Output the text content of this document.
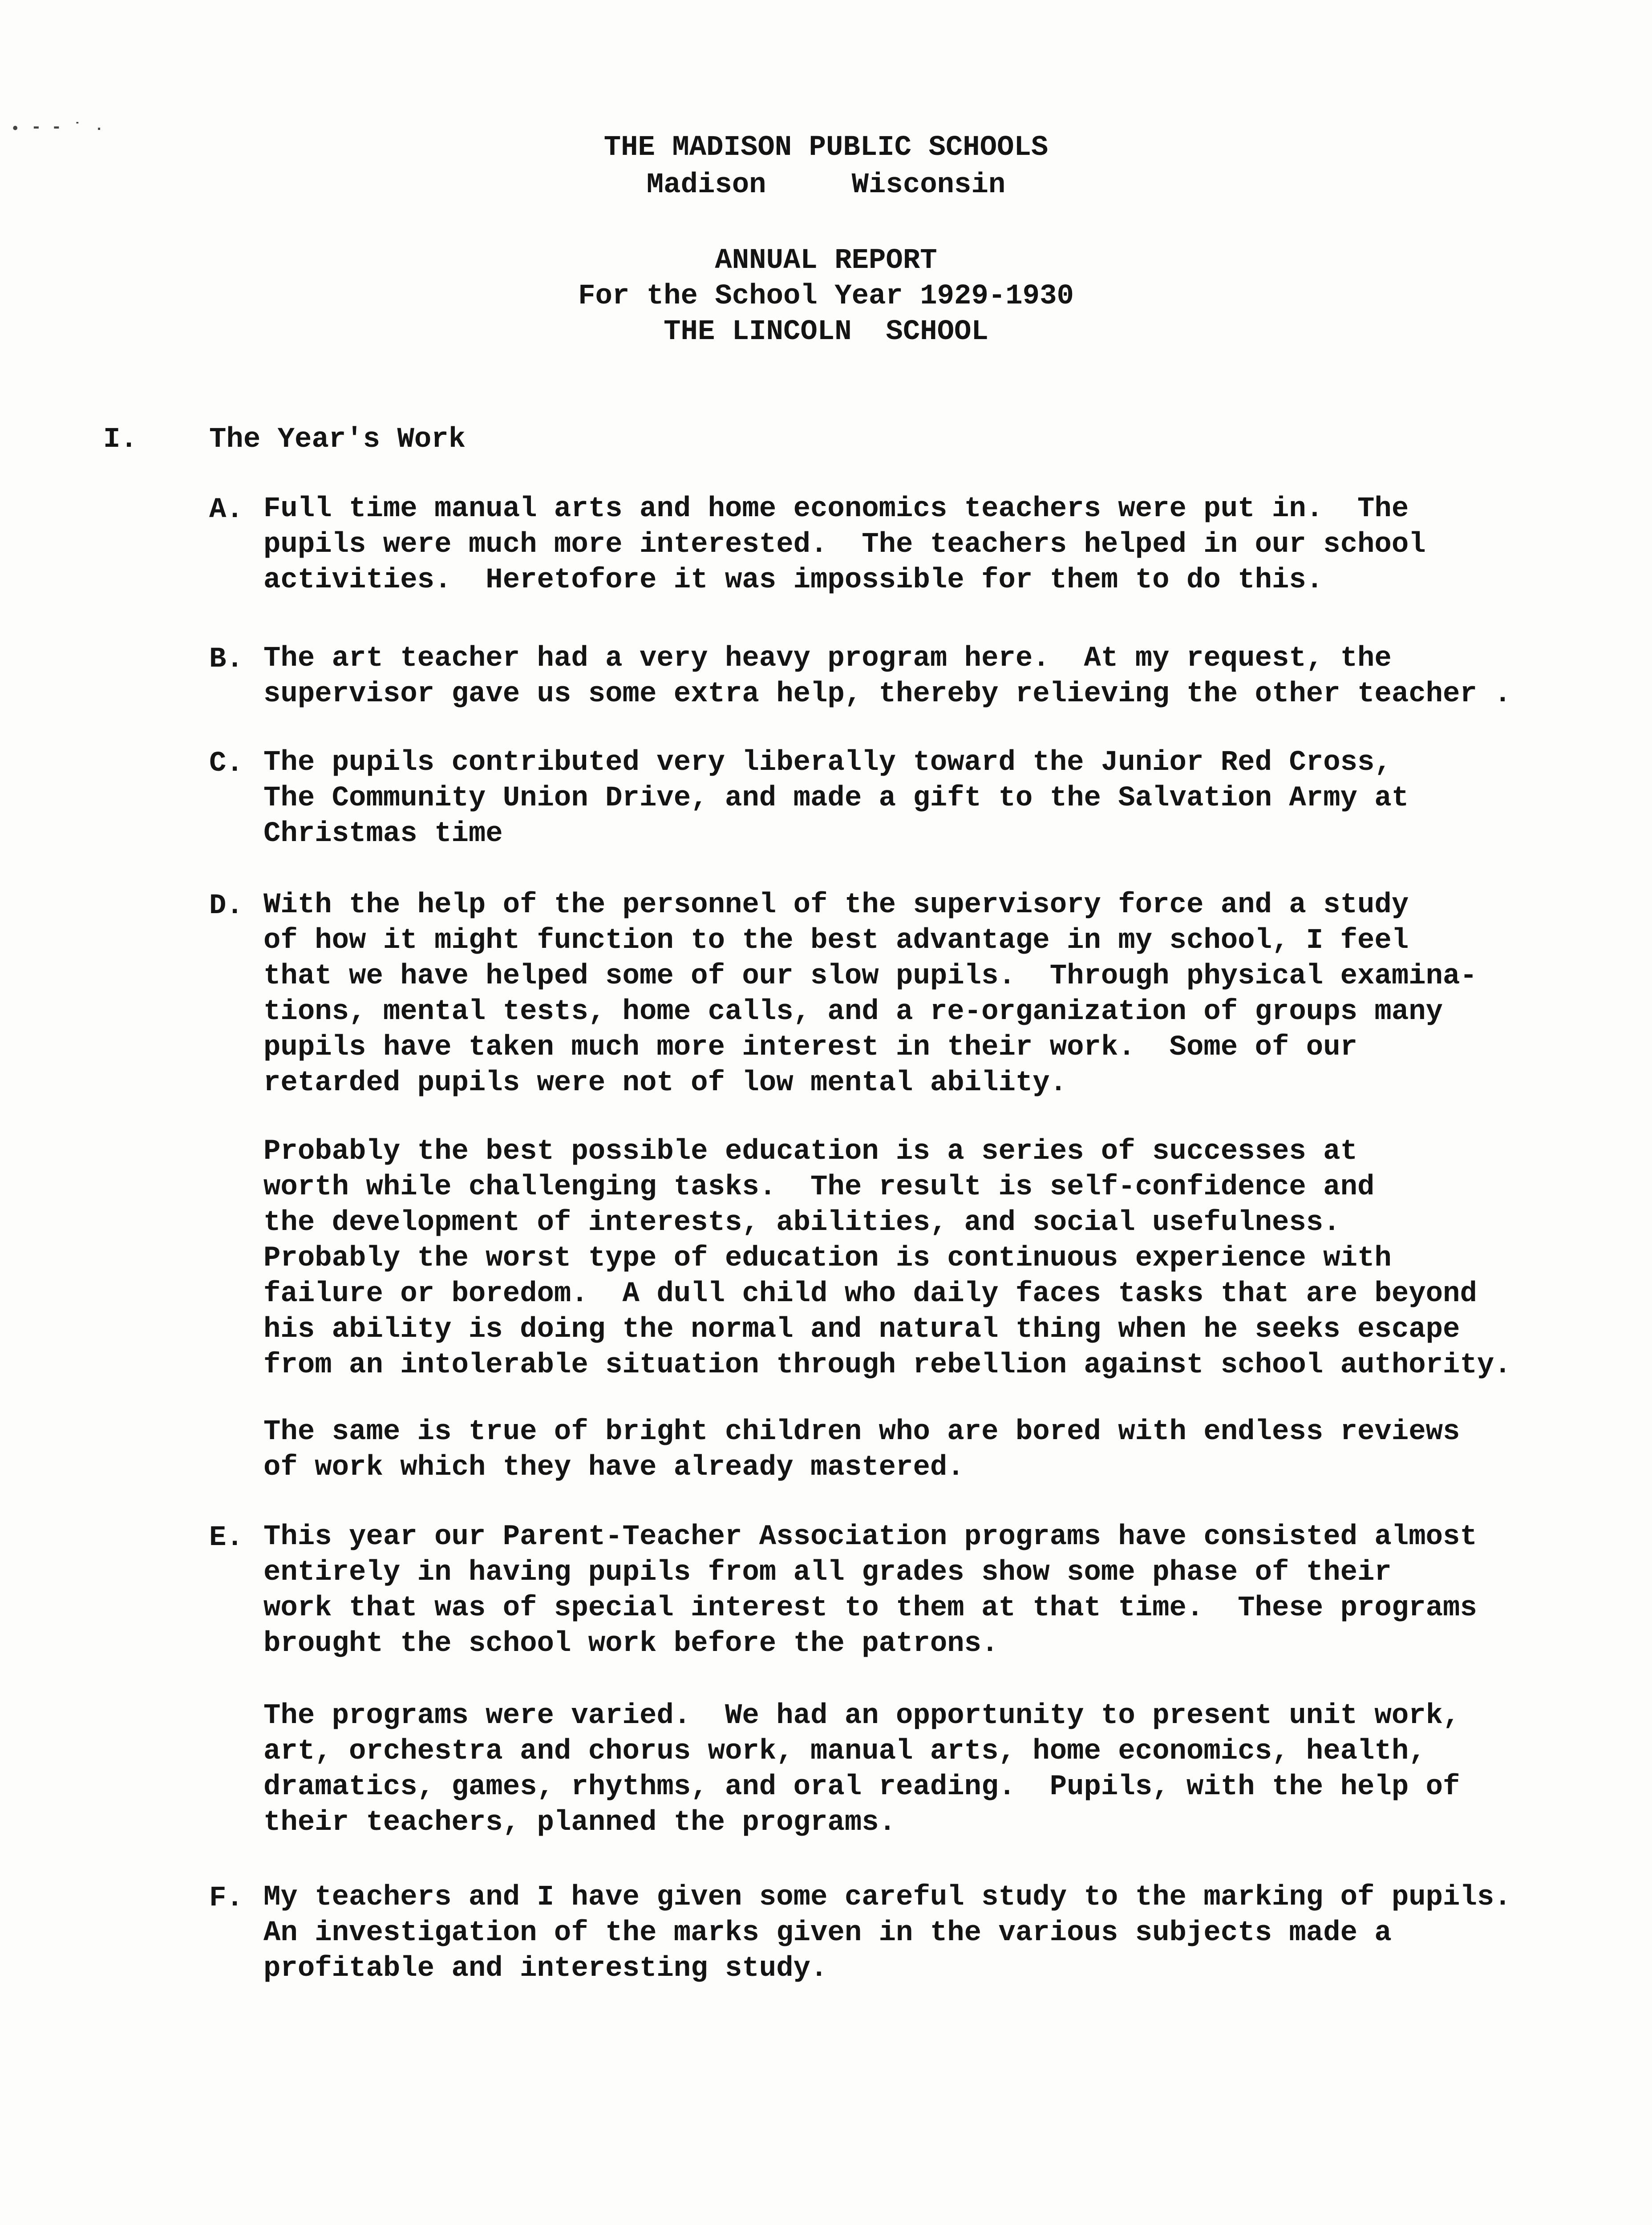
• ⁃ ⁃ ˙ ·
THE MADISON PUBLIC SCHOOLS
Madison     Wisconsin
ANNUAL REPORT
For the School Year 1929-1930
THE LINCOLN  SCHOOL
I.	The Year's Work
A. Full time manual arts and home economics teachers were put in.  The
pupils were much more interested.  The teachers helped in our school
activities.  Heretofore it was impossible for them to do this.

B. The art teacher had a very heavy program here.  At my request, the
supervisor gave us some extra help, thereby relieving the other teacher .

C. The pupils contributed very liberally toward the Junior Red Cross,
The Community Union Drive, and made a gift to the Salvation Army at
Christmas time

D. With the help of the personnel of the supervisory force and a study
of how it might function to the best advantage in my school, I feel
that we have helped some of our slow pupils.  Through physical examina-
tions, mental tests, home calls, and a re-organization of groups many
pupils have taken much more interest in their work.  Some of our
retarded pupils were not of low mental ability.

Probably the best possible education is a series of successes at
worth while challenging tasks.  The result is self-confidence and
the development of interests, abilities, and social usefulness.
Probably the worst type of education is continuous experience with
failure or boredom.  A dull child who daily faces tasks that are beyond
his ability is doing the normal and natural thing when he seeks escape
from an intolerable situation through rebellion against school authority.

The same is true of bright children who are bored with endless reviews
of work which they have already mastered.

E. This year our Parent-Teacher Association programs have consisted almost
entirely in having pupils from all grades show some phase of their
work that was of special interest to them at that time.  These programs
brought the school work before the patrons.

The programs were varied.  We had an opportunity to present unit work,
art, orchestra and chorus work, manual arts, home economics, health,
dramatics, games, rhythms, and oral reading.  Pupils, with the help of
their teachers, planned the programs.

F. My teachers and I have given some careful study to the marking of pupils.
An investigation of the marks given in the various subjects made a
profitable and interesting study.
